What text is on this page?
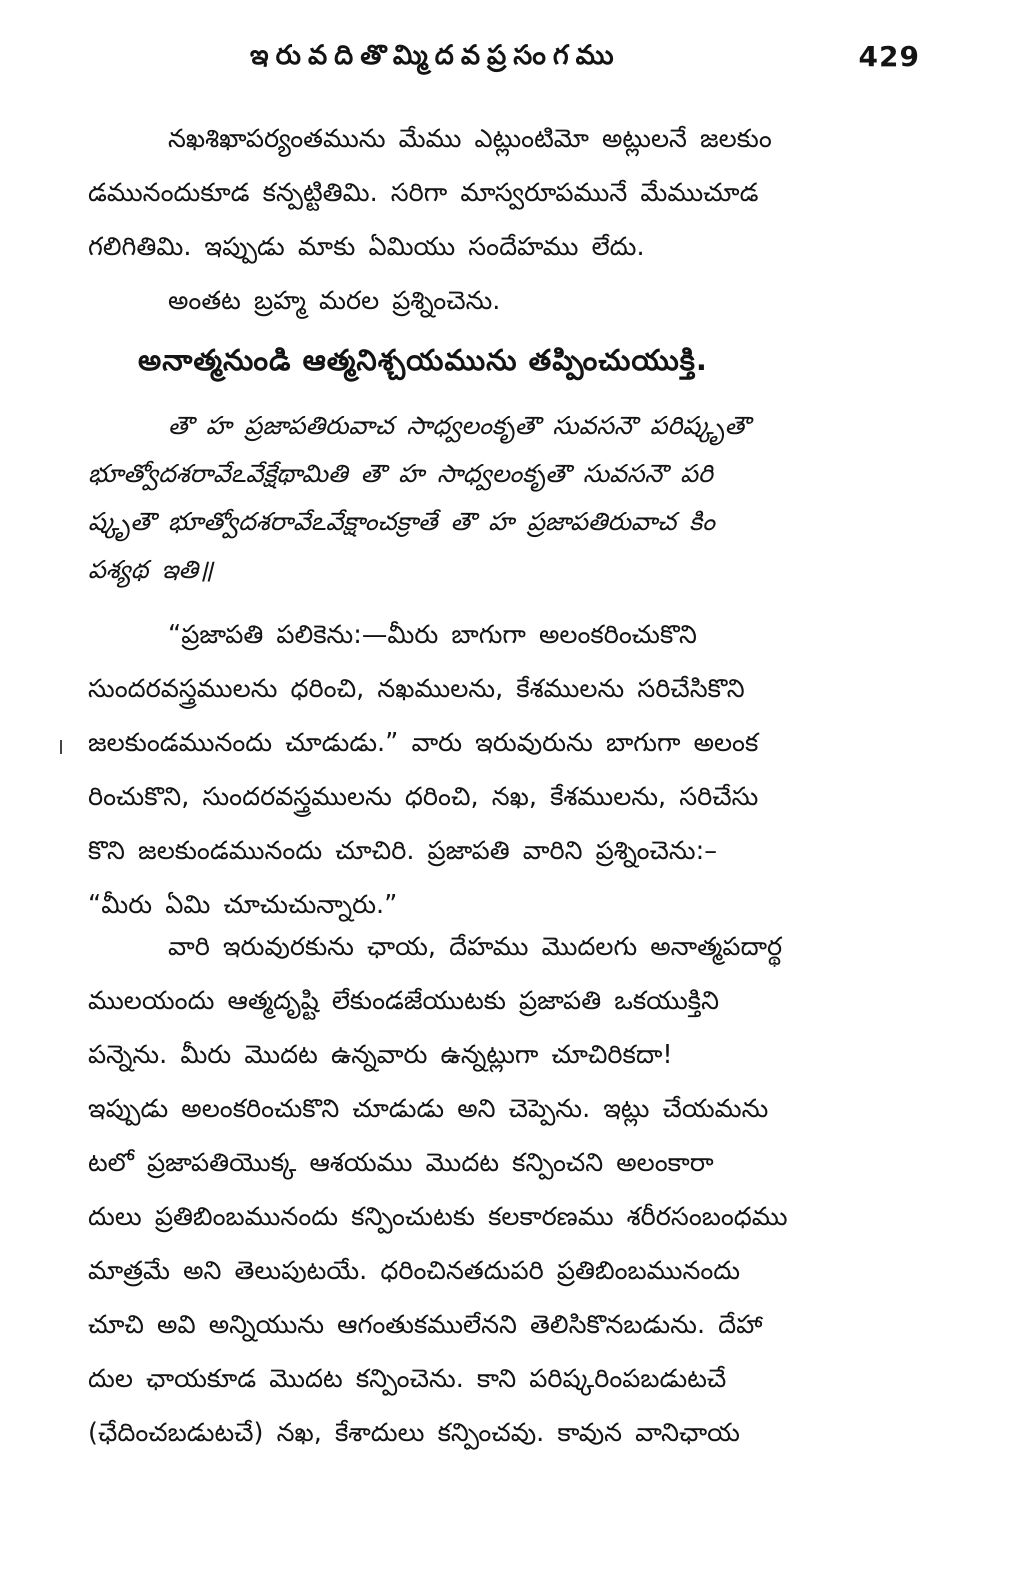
ఇరువదితొమ్మిదవప్రసంగము	429
నఖశిఖాపర్యంతమును మేము ఎట్లుంటిమో అట్లులనే జలకుం
డమునందుకూడ కన్పట్టితిమి. సరిగా మాస్వరూపమునే మేముచూడ
గలిగితిమి. ఇప్పుడు మాకు ఏమియు సందేహము లేదు.
అంతట బ్రహ్మ మరల ప్రశ్నించెను.
అనాత్మనుండి ఆత్మనిశ్చయమును తప్పించుయుక్తి.
తౌ హ ప్రజాపతిరువాచ సాధ్వలంకృతౌ సువసనౌ పరిష్కృతౌ
భూత్వోదశరావేఽవేక్షేథామితి తౌ హ సాధ్వలంకృతౌ సువసనౌ పరి
ష్కృతౌ భూత్వోదశరావేఽవేక్షాంచక్రాతే తౌ హ ప్రజాపతిరువాచ కిం
పశ్యథ ఇతి॥
“ప్రజాపతి పలికెను:—మీరు బాగుగా అలంకరించుకొని
సుందరవస్త్రములను ధరించి, నఖములను, కేశములను సరిచేసికొని
జలకుండమునందు చూడుడు.” వారు ఇరువురును బాగుగా అలంక
రించుకొని, సుందరవస్త్రములను ధరించి, నఖ, కేశములను, సరిచేసు
కొని జలకుండమునందు చూచిరి. ప్రజాపతి వారిని ప్రశ్నించెను:–
“మీరు ఏమి చూచుచున్నారు.”
వారి ఇరువురకును ఛాయ, దేహము మొదలగు అనాత్మపదార్థ
ములయందు ఆత్మదృష్టి లేకుండజేయుటకు ప్రజాపతి ఒకయుక్తిని
పన్నెను. మీరు మొదట ఉన్నవారు ఉన్నట్లుగా చూచిరికదా!
ఇప్పుడు అలంకరించుకొని చూడుడు అని చెప్పెను. ఇట్లు చేయమను
టలో ప్రజాపతియొక్క ఆశయము మొదట కన్పించని అలంకారా
దులు ప్రతిబింబమునందు కన్పించుటకు కలకారణము శరీరసంబంధము
మాత్రమే అని తెలుపుటయే. ధరించినతదుపరి ప్రతిబింబమునందు
చూచి అవి అన్నియును ఆగంతుకములేనని తెలిసికొనబడును. దేహా
దుల ఛాయకూడ మొదట కన్పించెను. కాని పరిష్కరింపబడుటచే
(ఛేదించబడుటచే) నఖ, కేశాదులు కన్పించవు. కావున వానిఛాయ
